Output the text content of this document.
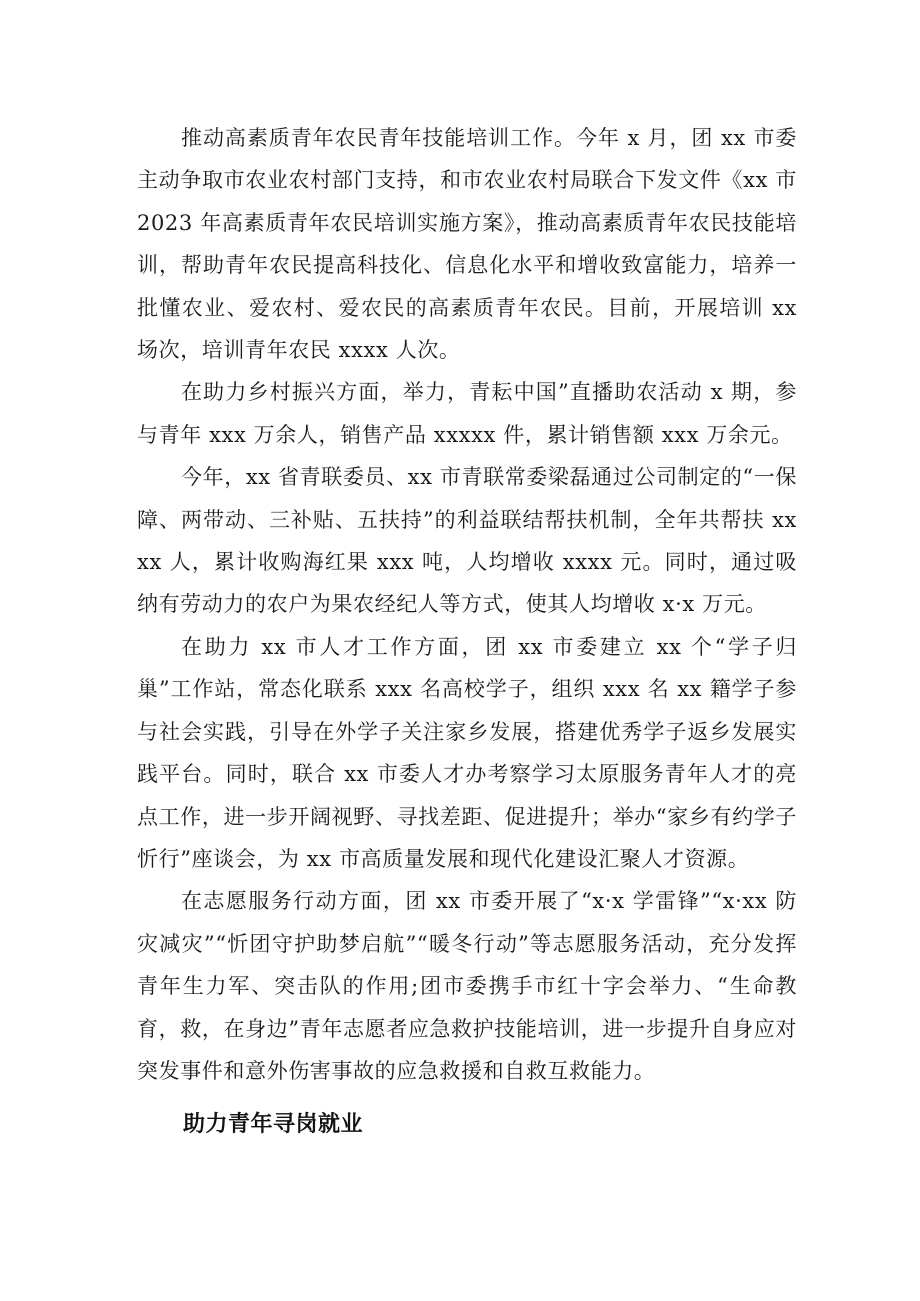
推动高素质青年农民青年技能培训工作。今年 x 月，团 xx 市委主动争取市农业农村部门支持，和市农业农村局联合下发文件《xx 市 2023 年高素质青年农民培训实施方案》，推动高素质青年农民技能培训，帮助青年农民提高科技化、信息化水平和增收致富能力，培养一批懂农业、爱农村、爱农民的高素质青年农民。目前，开展培训 xx 场次，培训青年农民 xxxx 人次。

在助力乡村振兴方面，举力，青耘中国”直播助农活动 x 期，参与青年 xxx 万余人，销售产品 xxxxx 件，累计销售额 xxx 万余元。

今年，xx 省青联委员、xx 市青联常委梁磊通过公司制定的“一保障、两带动、三补贴、五扶持”的利益联结帮扶机制，全年共帮扶 xxxx 人，累计收购海红果 xxx 吨，人均增收 xxxx 元。同时，通过吸纳有劳动力的农户为果农经纪人等方式，使其人均增收 x·x 万元。

在助力 xx 市人才工作方面，团 xx 市委建立 xx 个“学子归巢”工作站，常态化联系 xxx 名高校学子，组织 xxx 名 xx 籍学子参与社会实践，引导在外学子关注家乡发展，搭建优秀学子返乡发展实践平台。同时，联合 xx 市委人才办考察学习太原服务青年人才的亮点工作，进一步开阔视野、寻找差距、促进提升；举办“家乡有约学子忻行”座谈会，为 xx 市高质量发展和现代化建设汇聚人才资源。

在志愿服务行动方面，团 xx 市委开展了“x·x 学雷锋”“x·xx 防灾减灾”“忻团守护助梦启航”“暖冬行动”等志愿服务活动，充分发挥青年生力军、突击队的作用;团市委携手市红十字会举力、“生命教育，救，在身边”青年志愿者应急救护技能培训，进一步提升自身应对突发事件和意外伤害事故的应急救援和自救互救能力。

助力青年寻岗就业
